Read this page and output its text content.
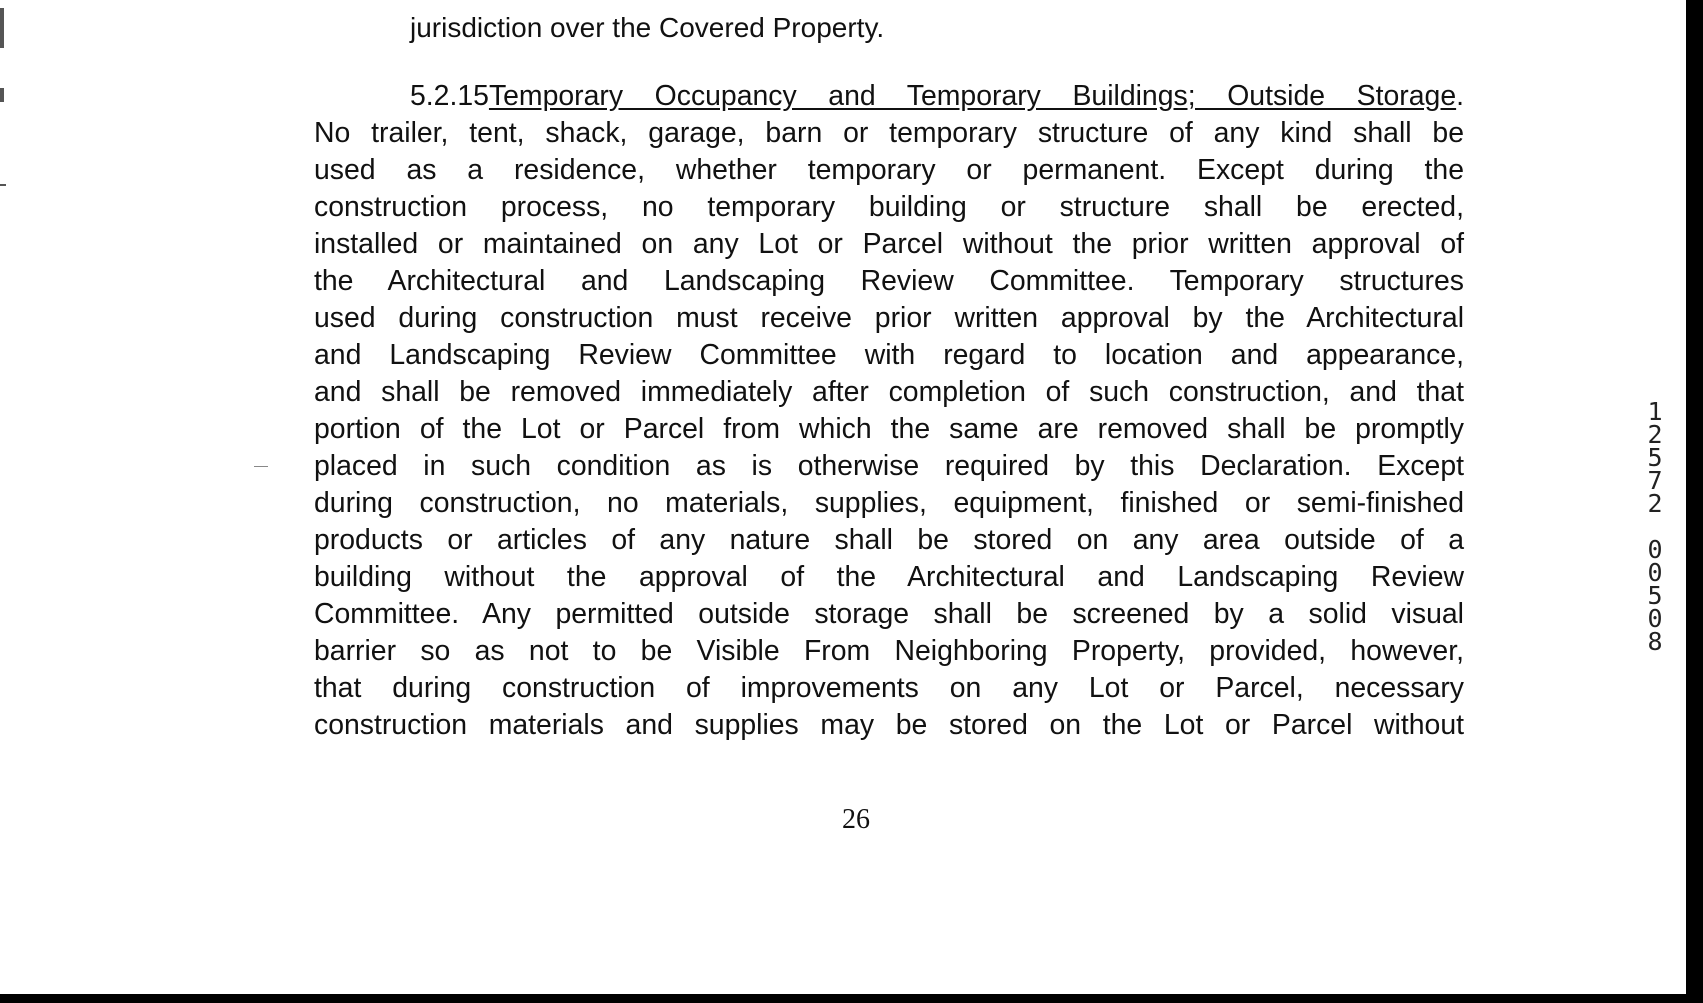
jurisdiction over the Covered Property.

5.2.15Temporary Occupancy and Temporary Buildings; Outside Storage.

No trailer, tent, shack, garage, barn or temporary structure of any kind shall be
used as a residence, whether temporary or permanent. Except during the
construction process, no temporary building or structure shall be erected,
installed or maintained on any Lot or Parcel without the prior written approval of
the Architectural and Landscaping Review Committee. Temporary structures
used during construction must receive prior written approval by the Architectural
and Landscaping Review Committee with regard to location and appearance,
and shall be removed immediately after completion of such construction, and that
portion of the Lot or Parcel from which the same are removed shall be promptly
placed in such condition as is otherwise required by this Declaration. Except
during construction, no materials, supplies, equipment, finished or semi-finished
products or articles of any nature shall be stored on any area outside of a
building without the approval of the Architectural and Landscaping Review
Committee. Any permitted outside storage shall be screened by a solid visual
barrier so as not to be Visible From Neighboring Property, provided, however,
that during construction of improvements on any Lot or Parcel, necessary
construction materials and supplies may be stored on the Lot or Parcel without
26
1
2
5
7
2
0
0
5
0
8
